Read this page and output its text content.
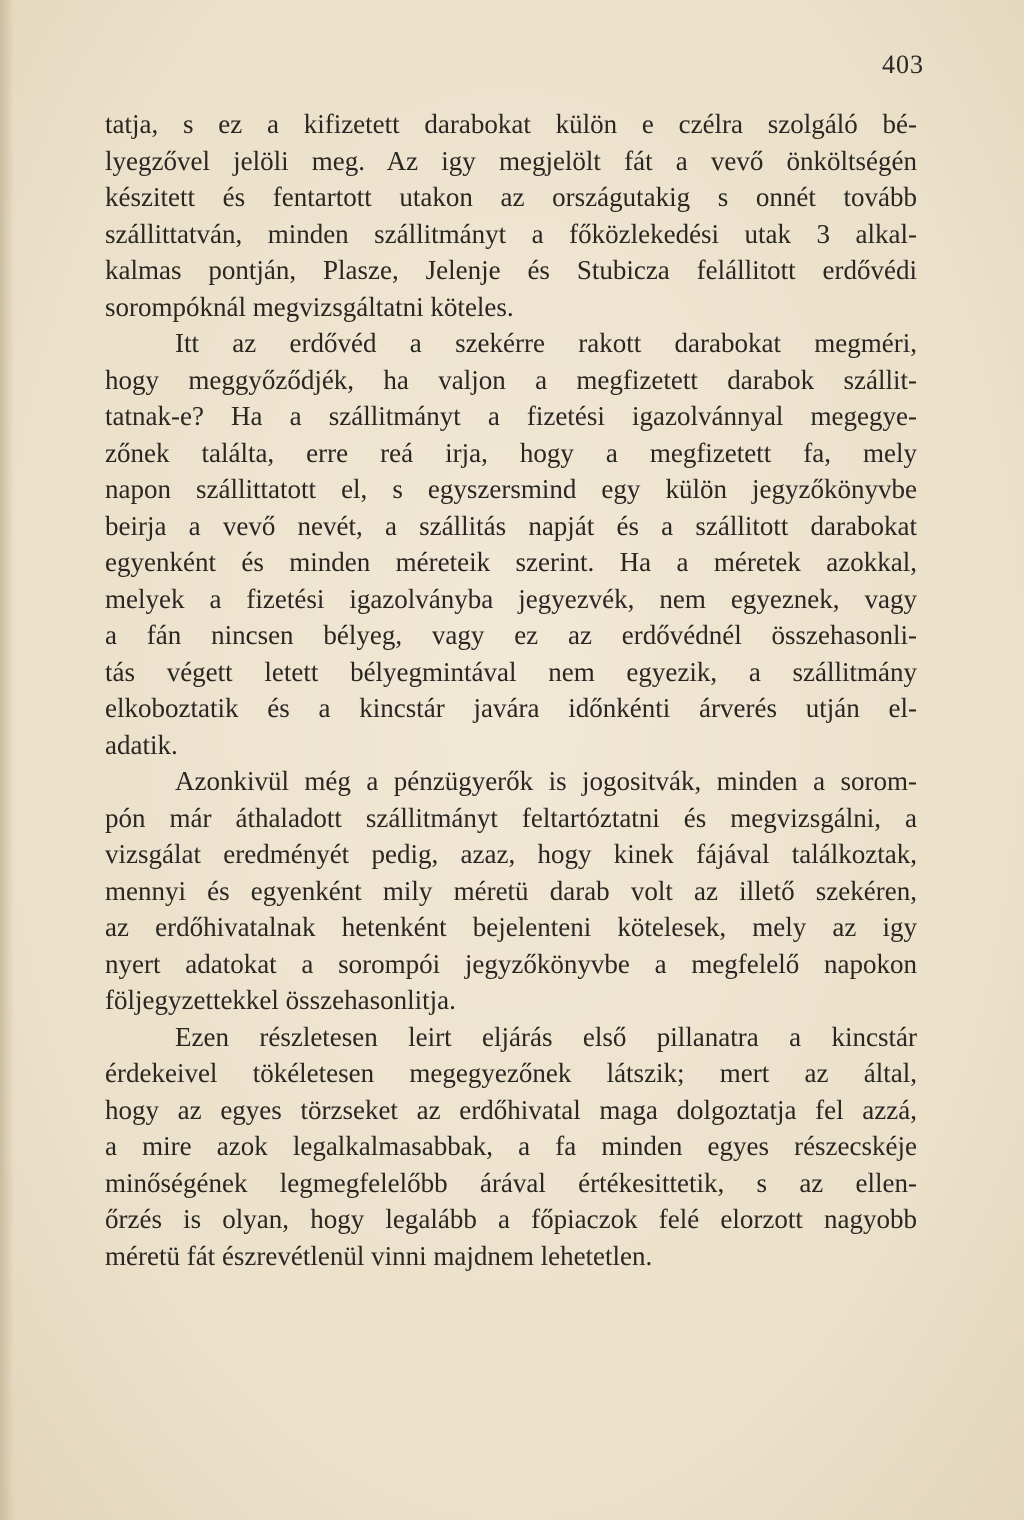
403
tatja, s ez a kifizetett darabokat külön e czélra szolgáló bé-
lyegzővel jelöli meg. Az igy megjelölt fát a vevő önköltségén
készitett és fentartott utakon az országutakig s onnét tovább
szállittatván, minden szállitmányt a főközlekedési utak 3 alkal-
kalmas pontján, Plasze, Jelenje és Stubicza felállitott erdővédi
sorompóknál megvizsgáltatni köteles.
Itt az erdővéd a szekérre rakott darabokat megméri,
hogy meggyőződjék, ha valjon a megfizetett darabok szállit-
tatnak-e? Ha a szállitmányt a fizetési igazolvánnyal megegye-
zőnek találta, erre reá irja, hogy a megfizetett fa, mely
napon szállittatott el, s egyszersmind egy külön jegyzőkönyvbe
beirja a vevő nevét, a szállitás napját és a szállitott darabokat
egyenként és minden méreteik szerint. Ha a méretek azokkal,
melyek a fizetési igazolványba jegyezvék, nem egyeznek, vagy
a fán nincsen bélyeg, vagy ez az erdővédnél összehasonli-
tás végett letett bélyegmintával nem egyezik, a szállitmány
elkoboztatik és a kincstár javára időnkénti árverés utján el-
adatik.
Azonkivül még a pénzügyerők is jogositvák, minden a sorom-
pón már áthaladott szállitmányt feltartóztatni és megvizsgálni, a
vizsgálat eredményét pedig, azaz, hogy kinek fájával találkoztak,
mennyi és egyenként mily méretü darab volt az illető szekéren,
az erdőhivatalnak hetenként bejelenteni kötelesek, mely az igy
nyert adatokat a sorompói jegyzőkönyvbe a megfelelő napokon
följegyzettekkel összehasonlitja.
Ezen részletesen leirt eljárás első pillanatra a kincstár
érdekeivel tökéletesen megegyezőnek látszik; mert az által,
hogy az egyes törzseket az erdőhivatal maga dolgoztatja fel azzá,
a mire azok legalkalmasabbak, a fa minden egyes részecskéje
minőségének legmegfelelőbb árával értékesittetik, s az ellen-
őrzés is olyan, hogy legalább a főpiaczok felé elorzott nagyobb
méretü fát észrevétlenül vinni majdnem lehetetlen.
